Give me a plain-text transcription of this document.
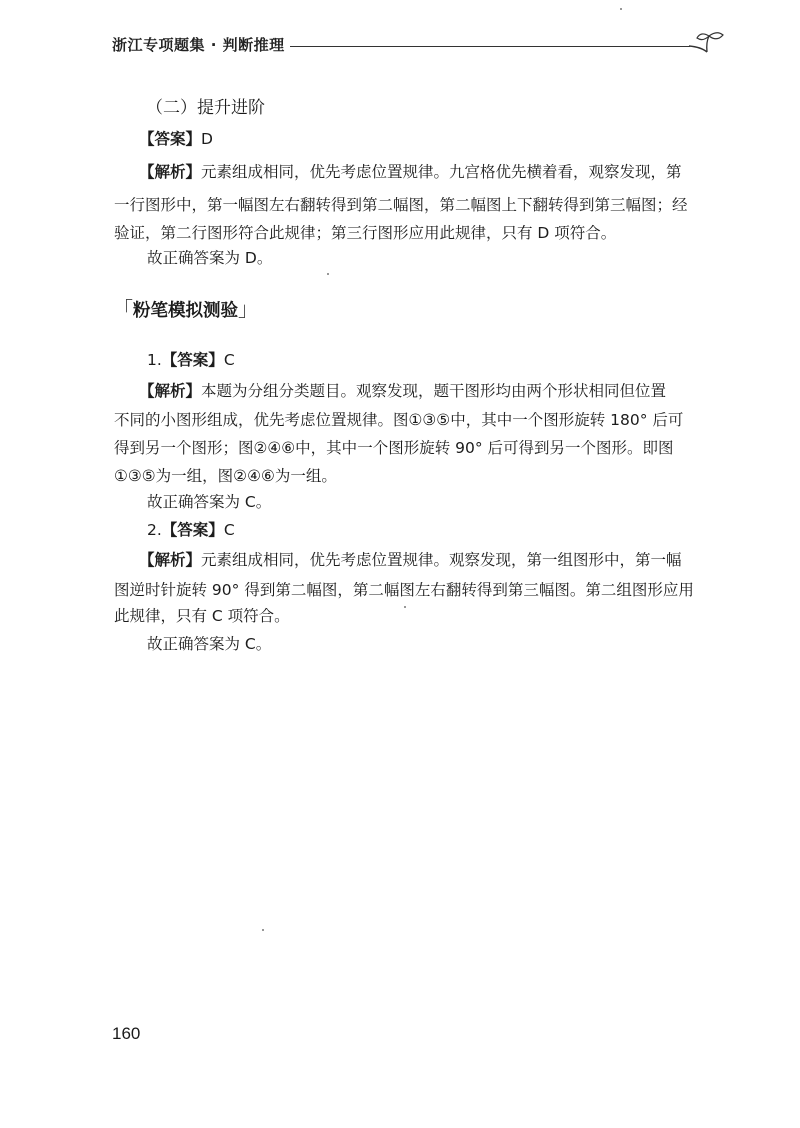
浙江专项题集 · 判断推理
（二）提升进阶
【答案】D
【解析】元素组成相同，优先考虑位置规律。九宫格优先横着看，观察发现，第
一行图形中，第一幅图左右翻转得到第二幅图，第二幅图上下翻转得到第三幅图；经
验证，第二行图形符合此规律；第三行图形应用此规律，只有 D 项符合。
故正确答案为 D。
「粉笔模拟测验」
1.【答案】C
【解析】本题为分组分类题目。观察发现，题干图形均由两个形状相同但位置
不同的小图形组成，优先考虑位置规律。图①③⑤中，其中一个图形旋转 180° 后可
得到另一个图形；图②④⑥中，其中一个图形旋转 90° 后可得到另一个图形。即图
①③⑤为一组，图②④⑥为一组。
故正确答案为 C。
2.【答案】C
【解析】元素组成相同，优先考虑位置规律。观察发现，第一组图形中，第一幅
图逆时针旋转 90° 得到第二幅图，第二幅图左右翻转得到第三幅图。第二组图形应用
此规律，只有 C 项符合。
故正确答案为 C。
160
